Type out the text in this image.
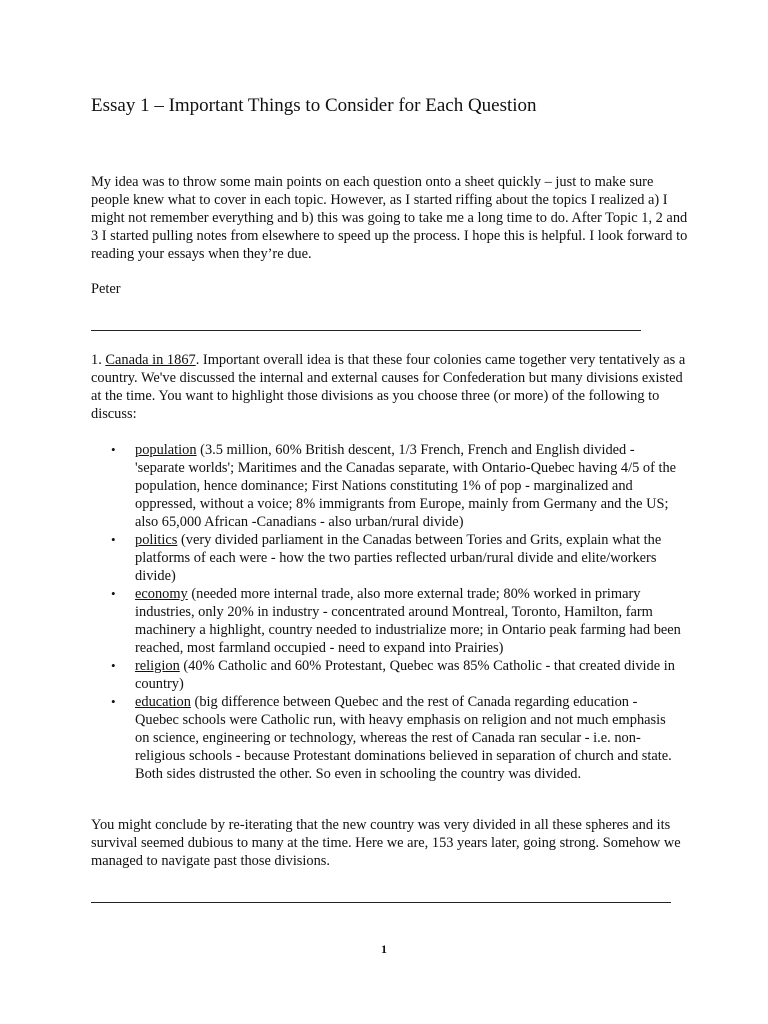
Essay 1 – Important Things to Consider for Each Question

My idea was to throw some main points on each question onto a sheet quickly – just to make sure people knew what to cover in each topic. However, as I started riffing about the topics I realized a) I might not remember everything and b) this was going to take me a long time to do. After Topic 1, 2 and 3 I started pulling notes from elsewhere to speed up the process. I hope this is helpful. I look forward to reading your essays when they’re due.

Peter

1. Canada in 1867. Important overall idea is that these four colonies came together very tentatively as a country. We've discussed the internal and external causes for Confederation but many divisions existed at the time. You want to highlight those divisions as you choose three (or more) of the following to discuss:

• population (3.5 million, 60% British descent, 1/3 French, French and English divided - 'separate worlds'; Maritimes and the Canadas separate, with Ontario-Quebec having 4/5 of the population, hence dominance; First Nations constituting 1% of pop - marginalized and oppressed, without a voice; 8% immigrants from Europe, mainly from Germany and the US; also 65,000 African -Canadians - also urban/rural divide)
• politics (very divided parliament in the Canadas between Tories and Grits, explain what the platforms of each were - how the two parties reflected urban/rural divide and elite/workers divide)
• economy (needed more internal trade, also more external trade; 80% worked in primary industries, only 20% in industry - concentrated around Montreal, Toronto, Hamilton, farm machinery a highlight, country needed to industrialize more; in Ontario peak farming had been reached, most farmland occupied - need to expand into Prairies)
• religion (40% Catholic and 60% Protestant, Quebec was 85% Catholic - that created divide in country)
• education (big difference between Quebec and the rest of Canada regarding education - Quebec schools were Catholic run, with heavy emphasis on religion and not much emphasis on science, engineering or technology, whereas the rest of Canada ran secular - i.e. non-religious schools - because Protestant dominations believed in separation of church and state. Both sides distrusted the other. So even in schooling the country was divided.

You might conclude by re-iterating that the new country was very divided in all these spheres and its survival seemed dubious to many at the time. Here we are, 153 years later, going strong. Somehow we managed to navigate past those divisions.

1
